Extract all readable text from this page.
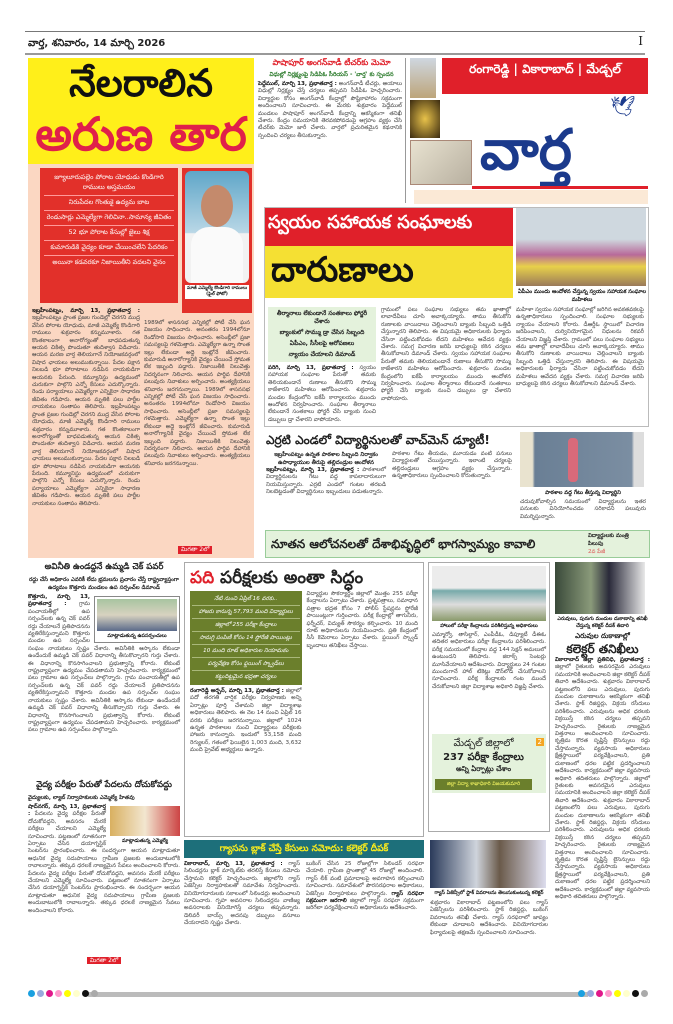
వార్త, శనివారం, 14 మార్చి 2026	I
నేలరాలిన
అరుణ తార
జ్యూలూరుపల్లెం పోరాట యోధుడు కొండిగారి రాములు అస్తమయం
నిరుపేదల గొంతుకై ఉద్యమ బాట
రెండుసార్లు ఎమ్మెల్యేగా గెలిచినా..సామాన్య జీవితం
52 భూ పోరాట కేసుల్లో జైలు శిక్ష
కుమారుడికి వైద్యం కూడా చేయించలేని పేదరికం
అయినా కడవరకూ నిజాయితీని వదలని వైనం
మాజీ ఎమ్మెల్యే కొండిగారి రాములు (ఫైల్ ఫోటో)
ఇబ్రహీంపట్నం, మార్చి 13, ప్రభాతవార్త : ఇబ్రహీంపట్నం ప్రాంత ప్రజల గుండెల్లో చెరగని ముద్ర వేసిన పోరాట యోధుడు, మాజీ ఎమ్మెల్యే కొండిగారి రాములు శుక్రవారం కన్నుమూశారు. గత కొంతకాలంగా అనారోగ్యంతో బాధపడుతున్న ఆయన చికిత్స పొందుతూ తుదిశ్వాస విడిచారు. ఆయన మరణ వార్త తెలియగానే నియోజకవర్గంలో విషాద ఛాయలు అలుముకున్నాయి. పేదల పక్షాన నిలబడి భూ పోరాటాలు నడిపిన నాయకుడిగా ఆయనకు పేరుంది. కమ్యూనిస్టు ఉద్యమంలో చురుకుగా పాల్గొని ఎన్నో కేసులు ఎదుర్కొన్నారు. రెండు పర్యాయాలు ఎమ్మెల్యేగా ఎన్నికైనా సాధారణ జీవితం గడిపారు. ఆయన మృతికి పలు పార్టీల నాయకులు సంతాపం తెలిపారు. ఇబ్రహీంపట్నం ప్రాంత ప్రజల గుండెల్లో చెరగని ముద్ర వేసిన పోరాట యోధుడు, మాజీ ఎమ్మెల్యే కొండిగారి రాములు శుక్రవారం కన్నుమూశారు. గత కొంతకాలంగా అనారోగ్యంతో బాధపడుతున్న ఆయన చికిత్స పొందుతూ తుదిశ్వాస విడిచారు. ఆయన మరణ వార్త తెలియగానే నియోజకవర్గంలో విషాద ఛాయలు అలుముకున్నాయి. పేదల పక్షాన నిలబడి భూ పోరాటాలు నడిపిన నాయకుడిగా ఆయనకు పేరుంది. కమ్యూనిస్టు ఉద్యమంలో చురుకుగా పాల్గొని ఎన్నో కేసులు ఎదుర్కొన్నారు. రెండు పర్యాయాలు ఎమ్మెల్యేగా ఎన్నికైనా సాధారణ జీవితం గడిపారు. ఆయన మృతికి పలు పార్టీల నాయకులు సంతాపం తెలిపారు.
1989లో శాసనసభ ఎన్నికల్లో పోటీ చేసి ఘన విజయం సాధించారు. అనంతరం 1994లోనూ రెండోసారి విజయం సాధించారు. అసెంబ్లీలో ప్రజా సమస్యలపై గళమెత్తారు. ఎమ్మెల్యేగా ఉన్నా సొంత ఇల్లు లేకుండా అద్దె ఇంట్లోనే జీవించారు. కుమారుడి అనారోగ్యానికి వైద్యం చేయించే స్తోమత లేక ఇబ్బంది పడ్డారు. నిజాయితీకి నిలువెత్తు నిదర్శనంగా నిలిచారు. ఆయన పార్థివ దేహానికి పలువురు నివాళులు అర్పించారు. అంత్యక్రియలు శనివారం జరగనున్నాయి. 1989లో శాసనసభ ఎన్నికల్లో పోటీ చేసి ఘన విజయం సాధించారు. అనంతరం 1994లోనూ రెండోసారి విజయం సాధించారు. అసెంబ్లీలో ప్రజా సమస్యలపై గళమెత్తారు. ఎమ్మెల్యేగా ఉన్నా సొంత ఇల్లు లేకుండా అద్దె ఇంట్లోనే జీవించారు. కుమారుడి అనారోగ్యానికి వైద్యం చేయించే స్తోమత లేక ఇబ్బంది పడ్డారు. నిజాయితీకి నిలువెత్తు నిదర్శనంగా నిలిచారు. ఆయన పార్థివ దేహానికి పలువురు నివాళులు అర్పించారు. అంత్యక్రియలు శనివారం జరగనున్నాయి.
మిగతా 2లో
పాషాపూర్ అంగన్‌వాడీ టీచర్‌కు మెమో
విధుల్లో నిర్లక్ష్యంపై సిడిపిఓ సీరియస్ - 'వార్త' కు స్పందన
పెద్దేముల్, మార్చి 13, ప్రభాతవార్త : అంగన్‌వాడీ టీచర్లు, ఆయాలు విధుల్లో నిర్లక్ష్యం చేస్తే చర్యలు తప్పవని సీడీపీఓ హెచ్చరించారు. విద్యార్థుల కోసం అంగన్‌వాడీ కేంద్రాల్లో పౌష్టికాహారం సక్రమంగా అందించాలని సూచించారు. ఈ మేరకు శుక్రవారం పెద్దేముల్ మండలం పాషాపూర్ అంగన్‌వాడీ కేంద్రాన్ని ఆకస్మికంగా తనిఖీ చేశారు. కేంద్రం సమయానికి తెరవకపోవడంపై ఆగ్రహం వ్యక్తం చేసి టీచర్‌కు మెమో జారీ చేశారు. వార్తలో ప్రచురితమైన కథనానికి స్పందించి చర్యలు తీసుకున్నారు.
రంగారెడ్డి | వికారాబాద్ | మేడ్చల్
🕊
వార్త
స్వయం సహాయక సంఘాలకు
దారుణాలు
ఏపీఎం ముందు ఆందోళన చేస్తున్న స్వయం సహాయక సంఘాల మహిళలు
తీర్మానాలు లేకుండానే సంతకాలు ఫోర్జరీ చేశారు
బ్యాంకులో సొమ్ము డ్రా చేసిన సిబ్బంది
ఏపీఎం, సీసీలపై ఆరోపణలు
న్యాయం చేయాలని డిమాండ్
పరిగి, మార్చి 13, ప్రభాతవార్త : స్వయం సహాయక సంఘాల పేరుతో తమకు తెలియకుండానే రుణాలు తీసుకొని సొమ్ము కాజేశారని మహిళలు ఆరోపించారు. శుక్రవారం మండల కేంద్రంలోని ఐకేపీ కార్యాలయం ముందు ఆందోళన నిర్వహించారు. సంఘాల తీర్మానాలు లేకుండానే సంతకాలు ఫోర్జరీ చేసి బ్యాంకు నుంచి డబ్బులు డ్రా చేశారని వాపోయారు.
గ్రామంలో పలు సంఘాల సభ్యులు తమ ఖాతాల్లో లావాదేవీలు చూసి అవాక్కయ్యారు. తాము తీసుకోని రుణాలకు వాయిదాలు చెల్లించాలని బ్యాంకు సిబ్బంది ఒత్తిడి చేస్తున్నారని తెలిపారు. ఈ విషయమై అధికారులకు ఫిర్యాదు చేసినా పట్టించుకోవడం లేదని మహిళలు ఆవేదన వ్యక్తం చేశారు. సమగ్ర విచారణ జరిపి బాధ్యులపై కఠిన చర్యలు తీసుకోవాలని డిమాండ్ చేశారు. స్వయం సహాయక సంఘాల పేరుతో తమకు తెలియకుండానే రుణాలు తీసుకొని సొమ్ము కాజేశారని మహిళలు ఆరోపించారు. శుక్రవారం మండల కేంద్రంలోని ఐకేపీ కార్యాలయం ముందు ఆందోళన నిర్వహించారు. సంఘాల తీర్మానాలు లేకుండానే సంతకాలు ఫోర్జరీ చేసి బ్యాంకు నుంచి డబ్బులు డ్రా చేశారని వాపోయారు.
మహిళా స్వయం సహాయక సంఘాల్లో జరిగిన అవకతవకలపై ఉన్నతాధికారులు స్పందించాలి. సంఘాల సభ్యులకు న్యాయం చేయాలని కోరారు. డీఆర్డీఓ స్థాయిలో విచారణ జరిపించాలని, దుర్వినియోగమైన నిధులను రికవరీ చేయాలని విజ్ఞప్తి చేశారు. గ్రామంలో పలు సంఘాల సభ్యులు తమ ఖాతాల్లో లావాదేవీలు చూసి అవాక్కయ్యారు. తాము తీసుకోని రుణాలకు వాయిదాలు చెల్లించాలని బ్యాంకు సిబ్బంది ఒత్తిడి చేస్తున్నారని తెలిపారు. ఈ విషయమై అధికారులకు ఫిర్యాదు చేసినా పట్టించుకోవడం లేదని మహిళలు ఆవేదన వ్యక్తం చేశారు. సమగ్ర విచారణ జరిపి బాధ్యులపై కఠిన చర్యలు తీసుకోవాలని డిమాండ్ చేశారు.
ఎర్రటి ఎండలో విద్యార్థినులతో వాచ్‌మెన్ డ్యూటీ!
ఇబ్రహీంపట్నం ఉన్నత పాఠశాల సిబ్బంది నిర్వాకం ఉపాధ్యాయుల తీరుపై తల్లిదండ్రుల ఆందోళన
ఇబ్రహీంపట్నం, మార్చి 13, ప్రభాతవార్త : పాఠశాలలో విద్యార్థినులను గేటు వద్ద కాపలాదారులుగా నియమిస్తున్నారు. ఎర్రటి ఎండలో గంటల తరబడి నిలబెట్టడంతో విద్యార్థినులు ఇబ్బందులు పడుతున్నారు.
పాఠశాల గేటు తీయడం, మూయడం వంటి పనులు విద్యార్థులతో చేయిస్తున్నారు. ఇలాంటి చర్యలపై తల్లిదండ్రులు ఆగ్రహం వ్యక్తం చేస్తున్నారు. ఉన్నతాధికారులు స్పందించాలని కోరుతున్నారు.
పాఠశాల వద్ద గేటు తీస్తున్న విద్యార్థిని
చదువుకోవాల్సిన సమయంలో విద్యార్థులను ఇతర పనులకు వినియోగించడం సరికాదని పలువురు విమర్శిస్తున్నారు.
నూతన ఆలోచనలతో దేశాభివృద్ధిలో భాగస్వామ్యం కావాలి
విద్యార్థులకు మంత్రి పిలుపు
2వ పేజీ
అవినీతి ఉండద్దనే ఉమ్మడి చెక్ పవర్
రద్దు చేసే అధికారం ఎవరికీ లేదు భ్రమలను ప్రచారం చేస్తే రాష్ట్రవ్యాప్తంగా ఉద్యమం కొత్తూరు మండలం ఉప సర్పంచ్‌ల డిమాండ్
మాట్లాడుతున్న ఉపసర్పంచులు
కొత్తూరు, మార్చి 13, ప్రభాతవార్త : గ్రామ పంచాయతీల్లో ఉప సర్పంచ్‌లకు ఉన్న చెక్ పవర్ రద్దు చేయాలనే ప్రతిపాదనను వ్యతిరేకిస్తున్నామని కొత్తూరు మండల ఉప సర్పంచ్‌ల సంఘం నాయకులు స్పష్టం చేశారు. అవినీతికి ఆస్కారం లేకుండా ఉండేందుకే ఉమ్మడి చెక్ పవర్ విధానాన్ని తీసుకొచ్చారని గుర్తు చేశారు. ఈ విధానాన్ని కొనసాగించాలని ప్రభుత్వాన్ని కోరారు. లేకుంటే రాష్ట్రవ్యాప్తంగా ఉద్యమం చేపడతామని హెచ్చరించారు. కార్యక్రమంలో పలు గ్రామాల ఉప సర్పంచ్‌లు పాల్గొన్నారు. గ్రామ పంచాయతీల్లో ఉప సర్పంచ్‌లకు ఉన్న చెక్ పవర్ రద్దు చేయాలనే ప్రతిపాదనను వ్యతిరేకిస్తున్నామని కొత్తూరు మండల ఉప సర్పంచ్‌ల సంఘం నాయకులు స్పష్టం చేశారు. అవినీతికి ఆస్కారం లేకుండా ఉండేందుకే ఉమ్మడి చెక్ పవర్ విధానాన్ని తీసుకొచ్చారని గుర్తు చేశారు. ఈ విధానాన్ని కొనసాగించాలని ప్రభుత్వాన్ని కోరారు. లేకుంటే రాష్ట్రవ్యాప్తంగా ఉద్యమం చేపడతామని హెచ్చరించారు. కార్యక్రమంలో పలు గ్రామాల ఉప సర్పంచ్‌లు పాల్గొన్నారు.
వైద్య పరీక్షల పేరుతో పేదలను దోచుకోవద్దు
వైద్యులకు, ల్యాబ్ నిర్వాహకులకు ఎమ్మెల్యే హితవు
మాట్లాడుతున్న ఎమ్మెల్యే
షాద్‌నగర్, మార్చి 13, ప్రభాతవార్త : పేదలను వైద్య పరీక్షల పేరుతో దోచుకోవద్దని, అవసరం మేరకే పరీక్షలు చేయాలని ఎమ్మెల్యే సూచించారు. పట్టణంలో నూతనంగా ఏర్పాటు చేసిన డయాగ్నస్టిక్ సెంటర్‌ను ప్రారంభించారు. ఈ సందర్భంగా ఆయన మాట్లాడుతూ ఆధునిక వైద్య సదుపాయాలు గ్రామీణ ప్రజలకు అందుబాటులోకి రావాలన్నారు. తక్కువ ధరలకే నాణ్యమైన సేవలు అందించాలని కోరారు. పేదలను వైద్య పరీక్షల పేరుతో దోచుకోవద్దని, అవసరం మేరకే పరీక్షలు చేయాలని ఎమ్మెల్యే సూచించారు. పట్టణంలో నూతనంగా ఏర్పాటు చేసిన డయాగ్నస్టిక్ సెంటర్‌ను ప్రారంభించారు. ఈ సందర్భంగా ఆయన మాట్లాడుతూ ఆధునిక వైద్య సదుపాయాలు గ్రామీణ ప్రజలకు అందుబాటులోకి రావాలన్నారు. తక్కువ ధరలకే నాణ్యమైన సేవలు అందించాలని కోరారు.
మిగతా 2లో
పది పరీక్షలకు అంతా సిద్ధం
నేటి నుంచి ఏప్రిల్ 16 వరకు..
హాజరు కానున్న 57,793 మంది విద్యార్థులు
జిల్లాలో 255 పరీక్షా కేంద్రాలు
సామగ్రి పంపిణీ కోసం 14 స్టోరేజీ పాయింట్లు
10 మంది రూట్ అధికారుల నియామకం
పర్యవేక్షణ కోసం ఫ్లయింగ్ స్క్వాడ్‌లు
కట్టుదిట్టమైన భద్రతా చర్యలు
రంగారెడ్డి అర్బన్, మార్చి 13, ప్రభాతవార్త : జిల్లాలో పదో తరగతి వార్షిక పరీక్షల నిర్వహణకు అన్ని ఏర్పాట్లు పూర్తి చేశామని జిల్లా విద్యాశాఖ అధికారులు తెలిపారు. ఈ నెల 14 నుంచి ఏప్రిల్ 16 వరకు పరీక్షలు జరగనున్నాయి. జిల్లాలో 1024 ఉన్నత పాఠశాలల నుంచి విద్యార్థులు పరీక్షలకు హాజరు కానున్నారు. ఇందులో 53,158 మంది రెగ్యులర్, గతంలో ఫెయిలైన 1,003 మంది, 3,632 మంది ప్రైవేట్ అభ్యర్థులు ఉన్నారు.
విద్యార్థుల సౌకర్యార్థం జిల్లాలో మొత్తం 255 పరీక్షా కేంద్రాలను ఏర్పాటు చేశారు. ప్రశ్నపత్రాలు, సమాధాన పత్రాల భద్రత కోసం 7 పోలీస్ స్టేషన్లను స్టోరేజీ పాయింట్లుగా గుర్తించారు. పరీక్ష కేంద్రాల్లో తాగునీరు, ఫర్నీచర్, విద్యుత్ సౌకర్యం కల్పించారు. 10 మంది రూట్ అధికారులను నియమించారు. ప్రతి కేంద్రంలో సీసీ కెమెరాలు ఏర్పాటు చేశారు. ఫ్లయింగ్ స్క్వాడ్ బృందాలు తనిఖీలు చేస్తాయి.
హాలులో పరీక్షా కేంద్రాలను పరిశీలిస్తున్న అధికారులు
ఎమ్మార్వో, తాసిల్దార్, ఎంపీడీఓ, డిప్యూటీ డీఈఓ తదితర అధికారులు పరీక్షా కేంద్రాలను పరిశీలించారు. పరీక్ష సమయంలో కేంద్రాల వద్ద 144 సెక్షన్ అమలులో ఉంటుందని తెలిపారు. జిరాక్స్ సెంటర్లు మూసివేయాలని ఆదేశించారు. విద్యార్థులు 24 గంటల ముందుగానే హాల్ టికెట్లు డౌన్‌లోడ్ చేసుకోవాలని సూచించారు. పరీక్ష కేంద్రాలకు గంట ముందే చేరుకోవాలని జిల్లా విద్యాశాఖ అధికారి విజ్ఞప్తి చేశారు.
మేడ్చల్ జిల్లాలో
237 పరీక్షా కేంద్రాలు
అన్ని ఏర్పాట్లు చేశాం
జిల్లా విద్యా శాఖాధికారి విజయకుమారి
2
ఎరువులు, పురుగు మందుల దుకాణాన్ని తనిఖీ చేస్తున్న కలెక్టర్ దీపక్ తివారి
ఎరువుల దుకాణాల్లో
కలెక్టర్ తనిఖీలు
వికారాబాద్ జిల్లా ప్రతినిధి, ప్రభాతవార్త : జిల్లాలో రైతులకు అవసరమైన ఎరువులు సమయానికి అందించాలని జిల్లా కలెక్టర్ దీపక్ తివారి ఆదేశించారు. శుక్రవారం వికారాబాద్ పట్టణంలోని పలు ఎరువులు, పురుగు మందుల దుకాణాలను ఆకస్మికంగా తనిఖీ చేశారు. స్టాక్ రిజిస్టర్లు, విక్రయ రసీదులు పరిశీలించారు. ఎరువులను అధిక ధరలకు విక్రయిస్తే కఠిన చర్యలు తప్పవని హెచ్చరించారు. రైతులకు నాణ్యమైన విత్తనాలు అందించాలని సూచించారు. కృత్రిమ కొరత సృష్టిస్తే లైసెన్సులు రద్దు చేస్తామన్నారు. వ్యవసాయ అధికారులు క్షేత్రస్థాయిలో పర్యవేక్షించాలని, ప్రతి దుకాణంలో ధరల పట్టిక ప్రదర్శించాలని ఆదేశించారు. కార్యక్రమంలో జిల్లా వ్యవసాయ అధికారి తదితరులు పాల్గొన్నారు. జిల్లాలో రైతులకు అవసరమైన ఎరువులు సమయానికి అందించాలని జిల్లా కలెక్టర్ దీపక్ తివారి ఆదేశించారు. శుక్రవారం వికారాబాద్ పట్టణంలోని పలు ఎరువులు, పురుగు మందుల దుకాణాలను ఆకస్మికంగా తనిఖీ చేశారు. స్టాక్ రిజిస్టర్లు, విక్రయ రసీదులు పరిశీలించారు. ఎరువులను అధిక ధరలకు విక్రయిస్తే కఠిన చర్యలు తప్పవని హెచ్చరించారు. రైతులకు నాణ్యమైన విత్తనాలు అందించాలని సూచించారు. కృత్రిమ కొరత సృష్టిస్తే లైసెన్సులు రద్దు చేస్తామన్నారు. వ్యవసాయ అధికారులు క్షేత్రస్థాయిలో పర్యవేక్షించాలని, ప్రతి దుకాణంలో ధరల పట్టిక ప్రదర్శించాలని ఆదేశించారు. కార్యక్రమంలో జిల్లా వ్యవసాయ అధికారి తదితరులు పాల్గొన్నారు.
గ్యాసను బ్లాక్ చేస్తే కేసులు నమోదు: కలెక్టర్ దీపక్
వికారాబాద్, మార్చి 13, ప్రభాతవార్త : గ్యాస్ సిలిండర్లను బ్లాక్ మార్కెట్‌కు తరలిస్తే కేసులు నమోదు చేస్తామని కలెక్టర్ హెచ్చరించారు. జిల్లాలోని గ్యాస్ ఏజెన్సీల నిర్వాహకులతో సమావేశం నిర్వహించారు. వినియోగదారులకు సకాలంలో సిలిండర్లు అందించాలని సూచించారు. గృహ అవసరాల సిలిండర్లను వాణిజ్య అవసరాలకు వినియోగిస్తే చర్యలు తప్పవన్నారు. డెలివరీ బాయ్స్ అదనపు డబ్బులు వసూలు చేయరాదని స్పష్టం చేశారు.
బుకింగ్ చేసిన 25 రోజుల్లోగా సిలిండర్ సరఫరా చేయాలి. గ్రామీణ ప్రాంతాల్లో 45 రోజుల్లో అందించాలి. గ్యాస్ లీక్ వంటి ప్రమాదాలపై అవగాహన కల్పించాలని సూచించారు. సమావేశంలో పౌరసరఫరాల అధికారులు, ఏజెన్సీల నిర్వాహకులు పాల్గొన్నారు. గ్యాస్ సరఫరా సక్రమంగా జరగాలి జిల్లాలో గ్యాస్ సరఫరా సక్రమంగా జరిగేలా పర్యవేక్షించాలని అధికారులను ఆదేశించారు.
గ్యాస్ ఏజెన్సీలో స్టాక్ వివరాలను తెలుసుకుంటున్న కలెక్టర్
శుక్రవారం వికారాబాద్ పట్టణంలోని పలు గ్యాస్ ఏజెన్సీలను పరిశీలించారు. స్టాక్ రిజిస్టర్లు, బుకింగ్ వివరాలను తనిఖీ చేశారు. గ్యాస్ సరఫరాలో జాప్యం లేకుండా చూడాలని ఆదేశించారు. వినియోగదారుల ఫిర్యాదులపై తక్షణమే స్పందించాలని సూచించారు.
